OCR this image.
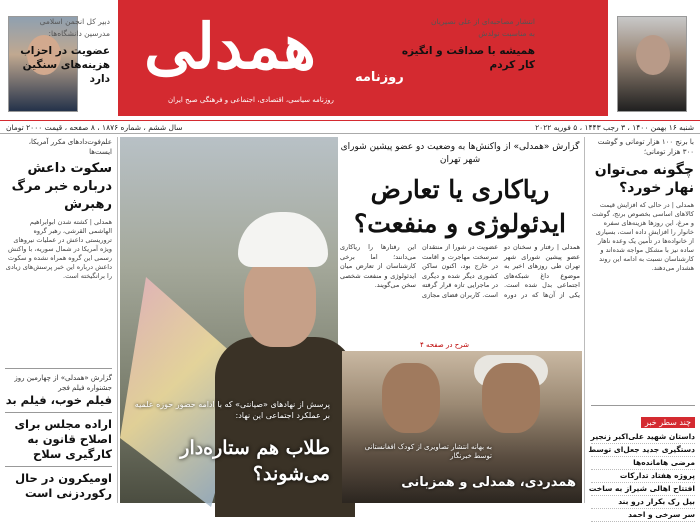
دبیر کل انجمن اسلامی
مدرسین دانشگاه‌ها:
عضویت در احزاب هزینه‌های سنگین دارد همدلی	روزنامه
روزنامه سیاسی، اقتصادی، اجتماعی و فرهنگی صبح ایران
انتشار مصاحبه‌ای از علی نصیریان
به مناسبت تولدش
همیشه با صداقت و انگیزه کار کردم
شنبه ۱۶ بهمن ۱۴۰۰ ، ۳ رجب ۱۴۴۳ ، ۵ فوریه ۲۰۲۲
سال ششم ، شماره ۱۸۷۶ ، ۸ صفحه ، قیمت ۲۰۰۰ تومان
با برنج ۱۰۰ هزار تومانی و گوشت ۳۰۰ هزار تومانی؛
چگونه می‌توان نهار خورد؟
همدلی | در حالی که افزایش قیمت کالاهای اساسی بخصوص برنج، گوشت و مرغ، این روزها هزینه‌های سفره خانوار را افزایش داده است، بسیاری از خانواده‌ها در تأمین یک وعده ناهار ساده نیز با مشکل مواجه شده‌اند و کارشناسان نسبت به ادامه این روند هشدار می‌دهند.
چند سطر خبر
داستان شهید علی‌اکبر زنجیر
دستگیری جدید جعل‌ای توسط
مرضی هامانده‌ها
پروژه هفتاد تدارکات
افتتاح اهالی شیراز به ساخت
بیل رک بکرار درو بند
سر سرخی و احمد
پرسش از نهادهای «صیانتی» که با ادامه حضور حوزه علمیه بر عملکرد اجتماعی این نهاد:
طلاب هم ستاره‌دار می‌شوند؟
گزارش «همدلی» از واکنش‌ها به وضعیت دو عضو پیشین شورای شهر تهران
ریاکاری یا تعارض ایدئولوژی و منفعت؟
همدلی | رفتار و سخنان دو عضو پیشین شورای شهر تهران طی روزهای اخیر به موضوع داغ شبکه‌های اجتماعی بدل شده است. یکی از آن‌ها که در دوره عضویت در شورا از منتقدان سرسخت مهاجرت و اقامت در خارج بود، اکنون ساکن کشوری دیگر شده و دیگری در ماجرایی تازه قرار گرفته است. کاربران فضای مجازی این رفتارها را ریاکاری می‌دانند؛ اما برخی کارشناسان از تعارض میان ایدئولوژی و منفعت شخصی سخن می‌گویند.
شرح در صفحه ۴
به بهانه انتشار تصاویری از کودک افغانستانی توسط خبرنگار
همدردی، همدلی و همزبانی
علم‌فوت‌دادهای مکرر آمریکا، ایست‌ها
سکوت داعش درباره خبر مرگ رهبرش
همدلی | کشته شدن ابوابراهیم الهاشمی القرشی، رهبر گروه تروریستی داعش در عملیات نیروهای ویژه آمریکا در شمال سوریه، با واکنش رسمی این گروه همراه نشده و سکوت داعش درباره این خبر پرسش‌های زیادی را برانگیخته است.
گزارش «همدلی» از چهارمین روز جشنواره فیلم فجر
فیلم خوب، فیلم بد
اراده مجلس برای اصلاح قانون به کارگیری سلاح
اومیکرون در حال رکوردزنی است
